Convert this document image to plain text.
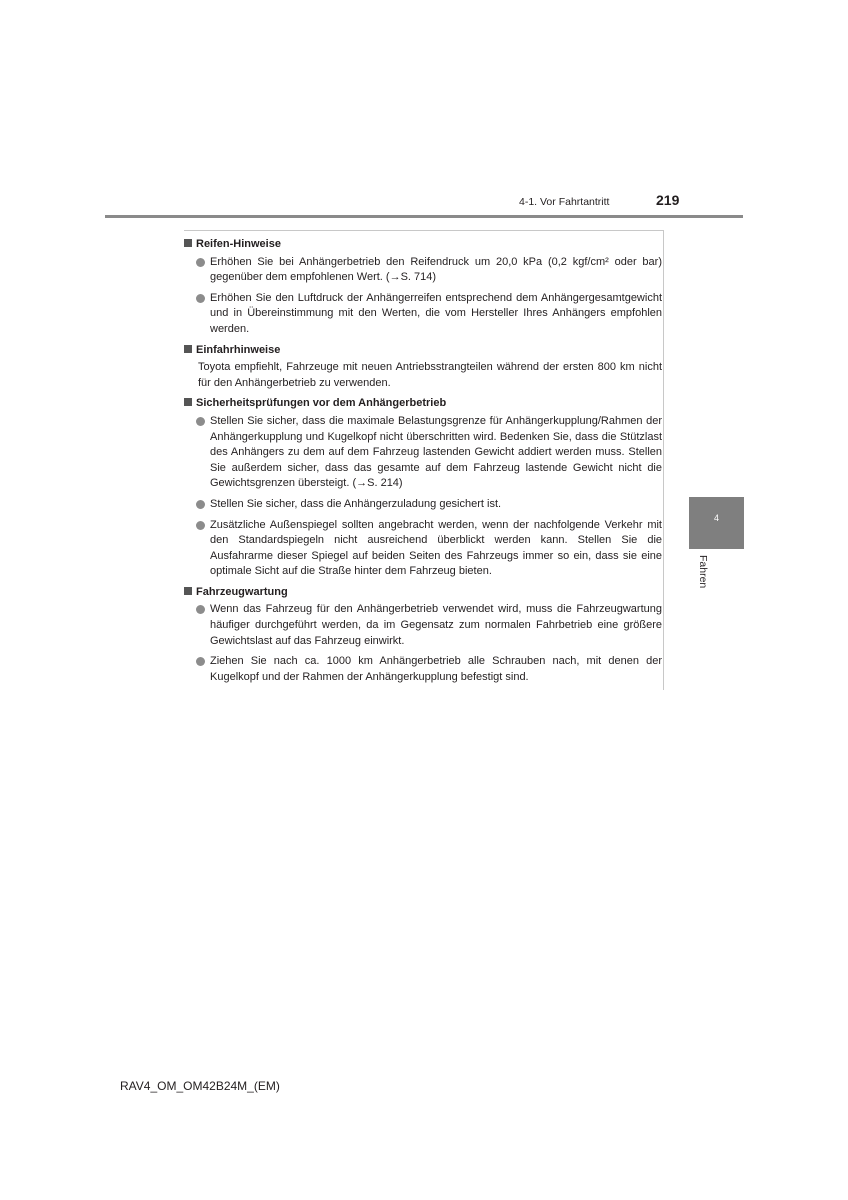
4-1. Vor Fahrtantritt	219
Reifen-Hinweise
Erhöhen Sie bei Anhängerbetrieb den Reifendruck um 20,0 kPa (0,2 kgf/cm² oder bar) gegenüber dem empfohlenen Wert. (→S. 714)
Erhöhen Sie den Luftdruck der Anhängerreifen entsprechend dem Anhängergesamtgewicht und in Übereinstimmung mit den Werten, die vom Hersteller Ihres Anhängers empfohlen werden.
Einfahrhinweise
Toyota empfiehlt, Fahrzeuge mit neuen Antriebsstrangteilen während der ersten 800 km nicht für den Anhängerbetrieb zu verwenden.
Sicherheitsprüfungen vor dem Anhängerbetrieb
Stellen Sie sicher, dass die maximale Belastungsgrenze für Anhängerkupplung/Rahmen der Anhängerkupplung und Kugelkopf nicht überschritten wird. Bedenken Sie, dass die Stützlast des Anhängers zu dem auf dem Fahrzeug lastenden Gewicht addiert werden muss. Stellen Sie außerdem sicher, dass das gesamte auf dem Fahrzeug lastende Gewicht nicht die Gewichtsgrenzen übersteigt. (→S. 214)
Stellen Sie sicher, dass die Anhängerzuladung gesichert ist.
Zusätzliche Außenspiegel sollten angebracht werden, wenn der nachfolgende Verkehr mit den Standardspiegeln nicht ausreichend überblickt werden kann. Stellen Sie die Ausfahrarme dieser Spiegel auf beiden Seiten des Fahrzeugs immer so ein, dass sie eine optimale Sicht auf die Straße hinter dem Fahrzeug bieten.
Fahrzeugwartung
Wenn das Fahrzeug für den Anhängerbetrieb verwendet wird, muss die Fahrzeugwartung häufiger durchgeführt werden, da im Gegensatz zum normalen Fahrbetrieb eine größere Gewichtslast auf das Fahrzeug einwirkt.
Ziehen Sie nach ca. 1000 km Anhängerbetrieb alle Schrauben nach, mit denen der Kugelkopf und der Rahmen der Anhängerkupplung befestigt sind.
4
Fahren
RAV4_OM_OM42B24M_(EM)
